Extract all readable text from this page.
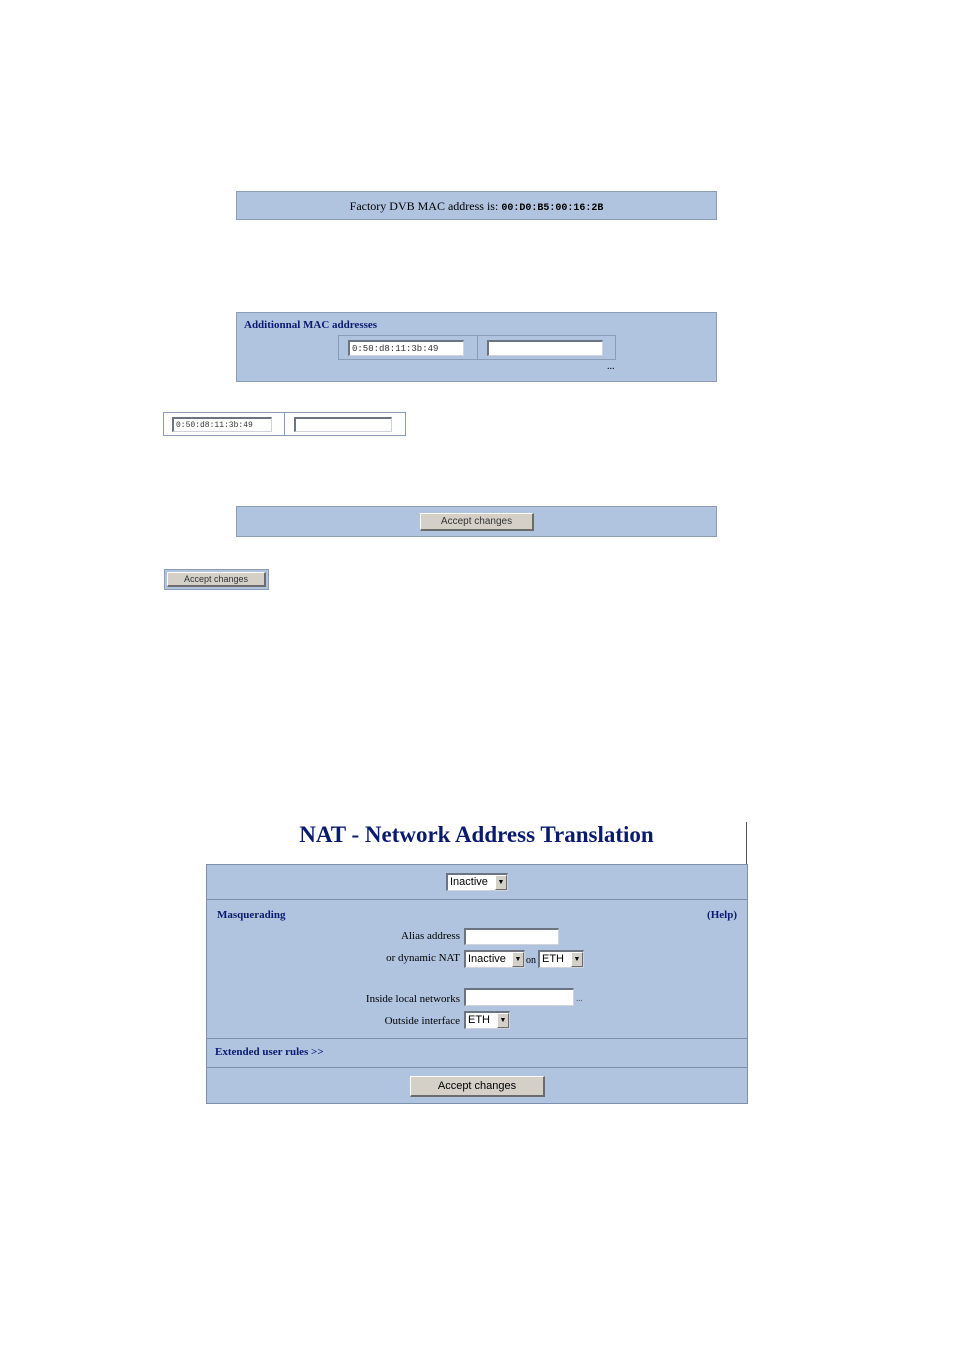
Factory DVB MAC address is: 00:D0:B5:00:16:2B
Additionnal MAC addresses
0:50:d8:11:3b:49
...
0:50:d8:11:3b:49
Accept changes
Accept changes
NAT - Network Address Translation
Inactive	▼
Masquerading	(Help)
Alias address
or dynamic NAT Inactive	▼ on ETH	▼
Inside local networks	...
Outside interface ETH	▼
Extended user rules >>
Accept changes
